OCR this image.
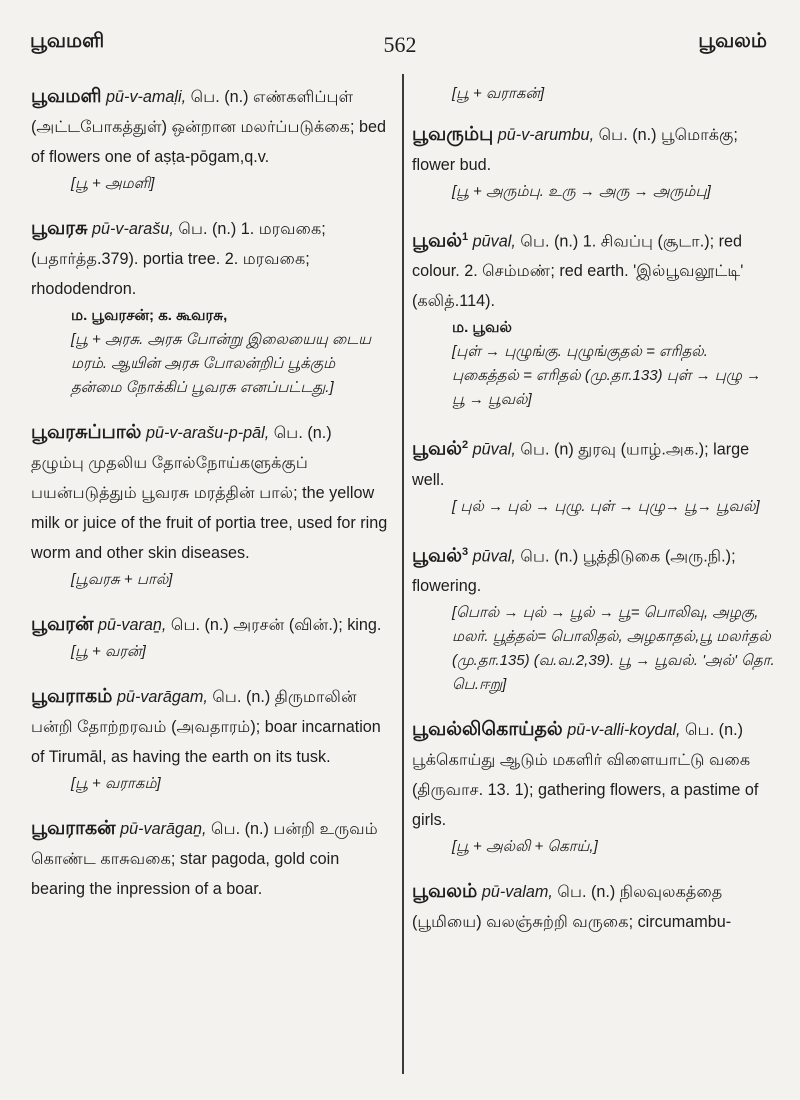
பூவமளி	562	பூவலம்

பூவமளி pū-v-amaḷi, பெ. (n.) எண்களிப்புள் (அட்டபோகத்துள்) ஒன்றான மலர்ப்படுக்கை; bed of flowers one of aṣṭa-pōgam,q.v.

[பூ + அமளி]

பூவரசு pū-v-arašu, பெ. (n.) 1. மரவகை; (பதார்த்த.379). portia tree. 2. மரவகை; rhododendron.

ம. பூவரசன்; க. கூவரசு,

[பூ + அரசு. அரசு போன்று இலையையு டைய மரம். ஆயின் அரசு போலன்றிப் பூக்கும் தன்மை நோக்கிப் பூவரசு எனப்பட்டது.]

பூவரசுப்பால் pū-v-arašu-p-pāl, பெ. (n.) தழும்பு முதலிய தோல்நோய்களுக்குப் பயன்படுத்தும் பூவரசு மரத்தின் பால்; the yellow milk or juice of the fruit of portia tree, used for ring worm and other skin diseases.

[பூவரசு + பால்]

பூவரன் pū-varaṉ, பெ. (n.) அரசன் (வின்.); king.

[பூ + வரன்]

பூவராகம் pū-varāgam, பெ. (n.) திருமாலின் பன்றி தோற்றரவம் (அவதாரம்); boar incarnation of Tirumāl, as having the earth on its tusk.

[பூ + வராகம்]

பூவராகன் pū-varāgaṉ, பெ. (n.) பன்றி உருவம் கொண்ட காசுவகை; star pagoda, gold coin bearing the inpression of a boar.

[பூ + வராகன்]

பூவரும்பு pū-v-arumbu, பெ. (n.) பூமொக்கு; flower bud.

[பூ + அரும்பு. உரு → அரு → அரும்பு]

பூவல்$^1$ pūval, பெ. (n.) 1. சிவப்பு (சூடா.); red colour. 2. செம்மண்; red earth. 'இல்பூவலூட்டி' (கலித்.114).

ம. பூவல்

[புள் → புழுங்கு. புழுங்குதல் = எரிதல். புகைத்தல் = எரிதல் (மு.தா.133) புள் → புழு → பூ → பூவல்]

பூவல்$^2$ pūval, பெ. (n) துரவு (யாழ்.அக.); large well.

[ புல் → புல் → புழு. புள் → புழு→ பூ→ பூவல்]

பூவல்$^3$ pūval, பெ. (n.) பூத்திடுகை (அரு.நி.); flowering.

[பொல் → புல் → பூல் → பூ= பொலிவு, அழகு, மலர். பூத்தல்= பொலிதல், அழகாதல்,பூ மலர்தல் (மு.தா.135) (வ.வ.2,39). பூ → பூவல். 'அல்' தொ. பெ.ஈறு]

பூவல்லிகொய்தல் pū-v-alli-koydal, பெ. (n.) பூக்கொய்து ஆடும் மகளிர் விளையாட்டு வகை (திருவாச. 13. 1); gathering flowers, a pastime of girls.

[பூ + அல்லி + கொய்,]

பூவலம் pū-valam, பெ. (n.) நிலவுலகத்தை (பூமியை) வலஞ்சுற்றி வருகை; circumambu-
